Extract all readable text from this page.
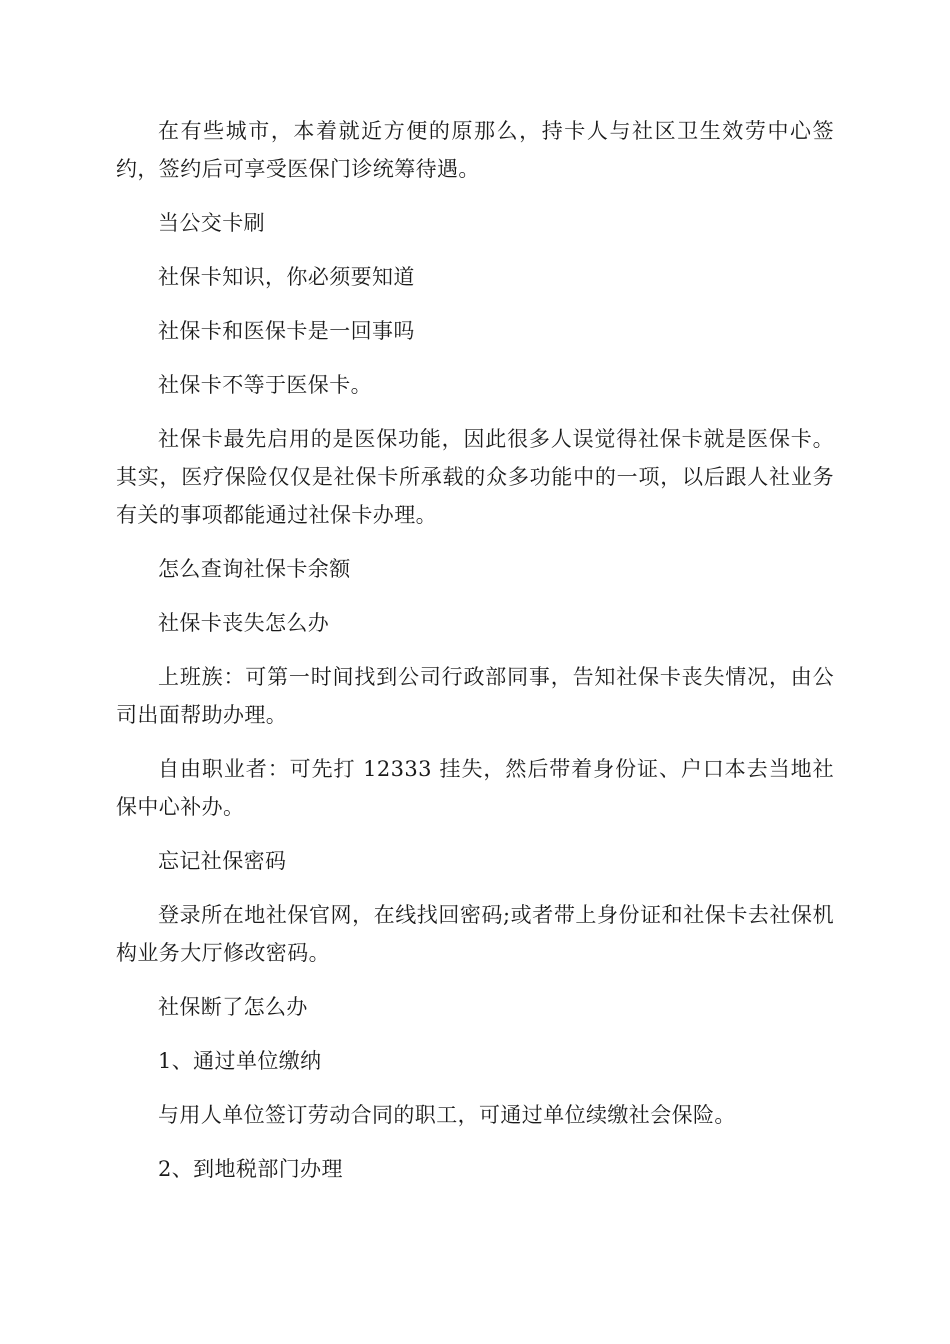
在有些城市，本着就近方便的原那么，持卡人与社区卫生效劳中心签约，签约后可享受医保门诊统筹待遇。

当公交卡刷

社保卡知识，你必须要知道

社保卡和医保卡是一回事吗

社保卡不等于医保卡。

社保卡最先启用的是医保功能，因此很多人误觉得社保卡就是医保卡。其实，医疗保险仅仅是社保卡所承载的众多功能中的一项，以后跟人社业务有关的事项都能通过社保卡办理。

怎么查询社保卡余额

社保卡丧失怎么办

上班族：可第一时间找到公司行政部同事，告知社保卡丧失情况，由公司出面帮助办理。

自由职业者：可先打 12333 挂失，然后带着身份证、户口本去当地社保中心补办。

忘记社保密码

登录所在地社保官网，在线找回密码;或者带上身份证和社保卡去社保机构业务大厅修改密码。

社保断了怎么办

1、通过单位缴纳

与用人单位签订劳动合同的职工，可通过单位续缴社会保险。

2、到地税部门办理
